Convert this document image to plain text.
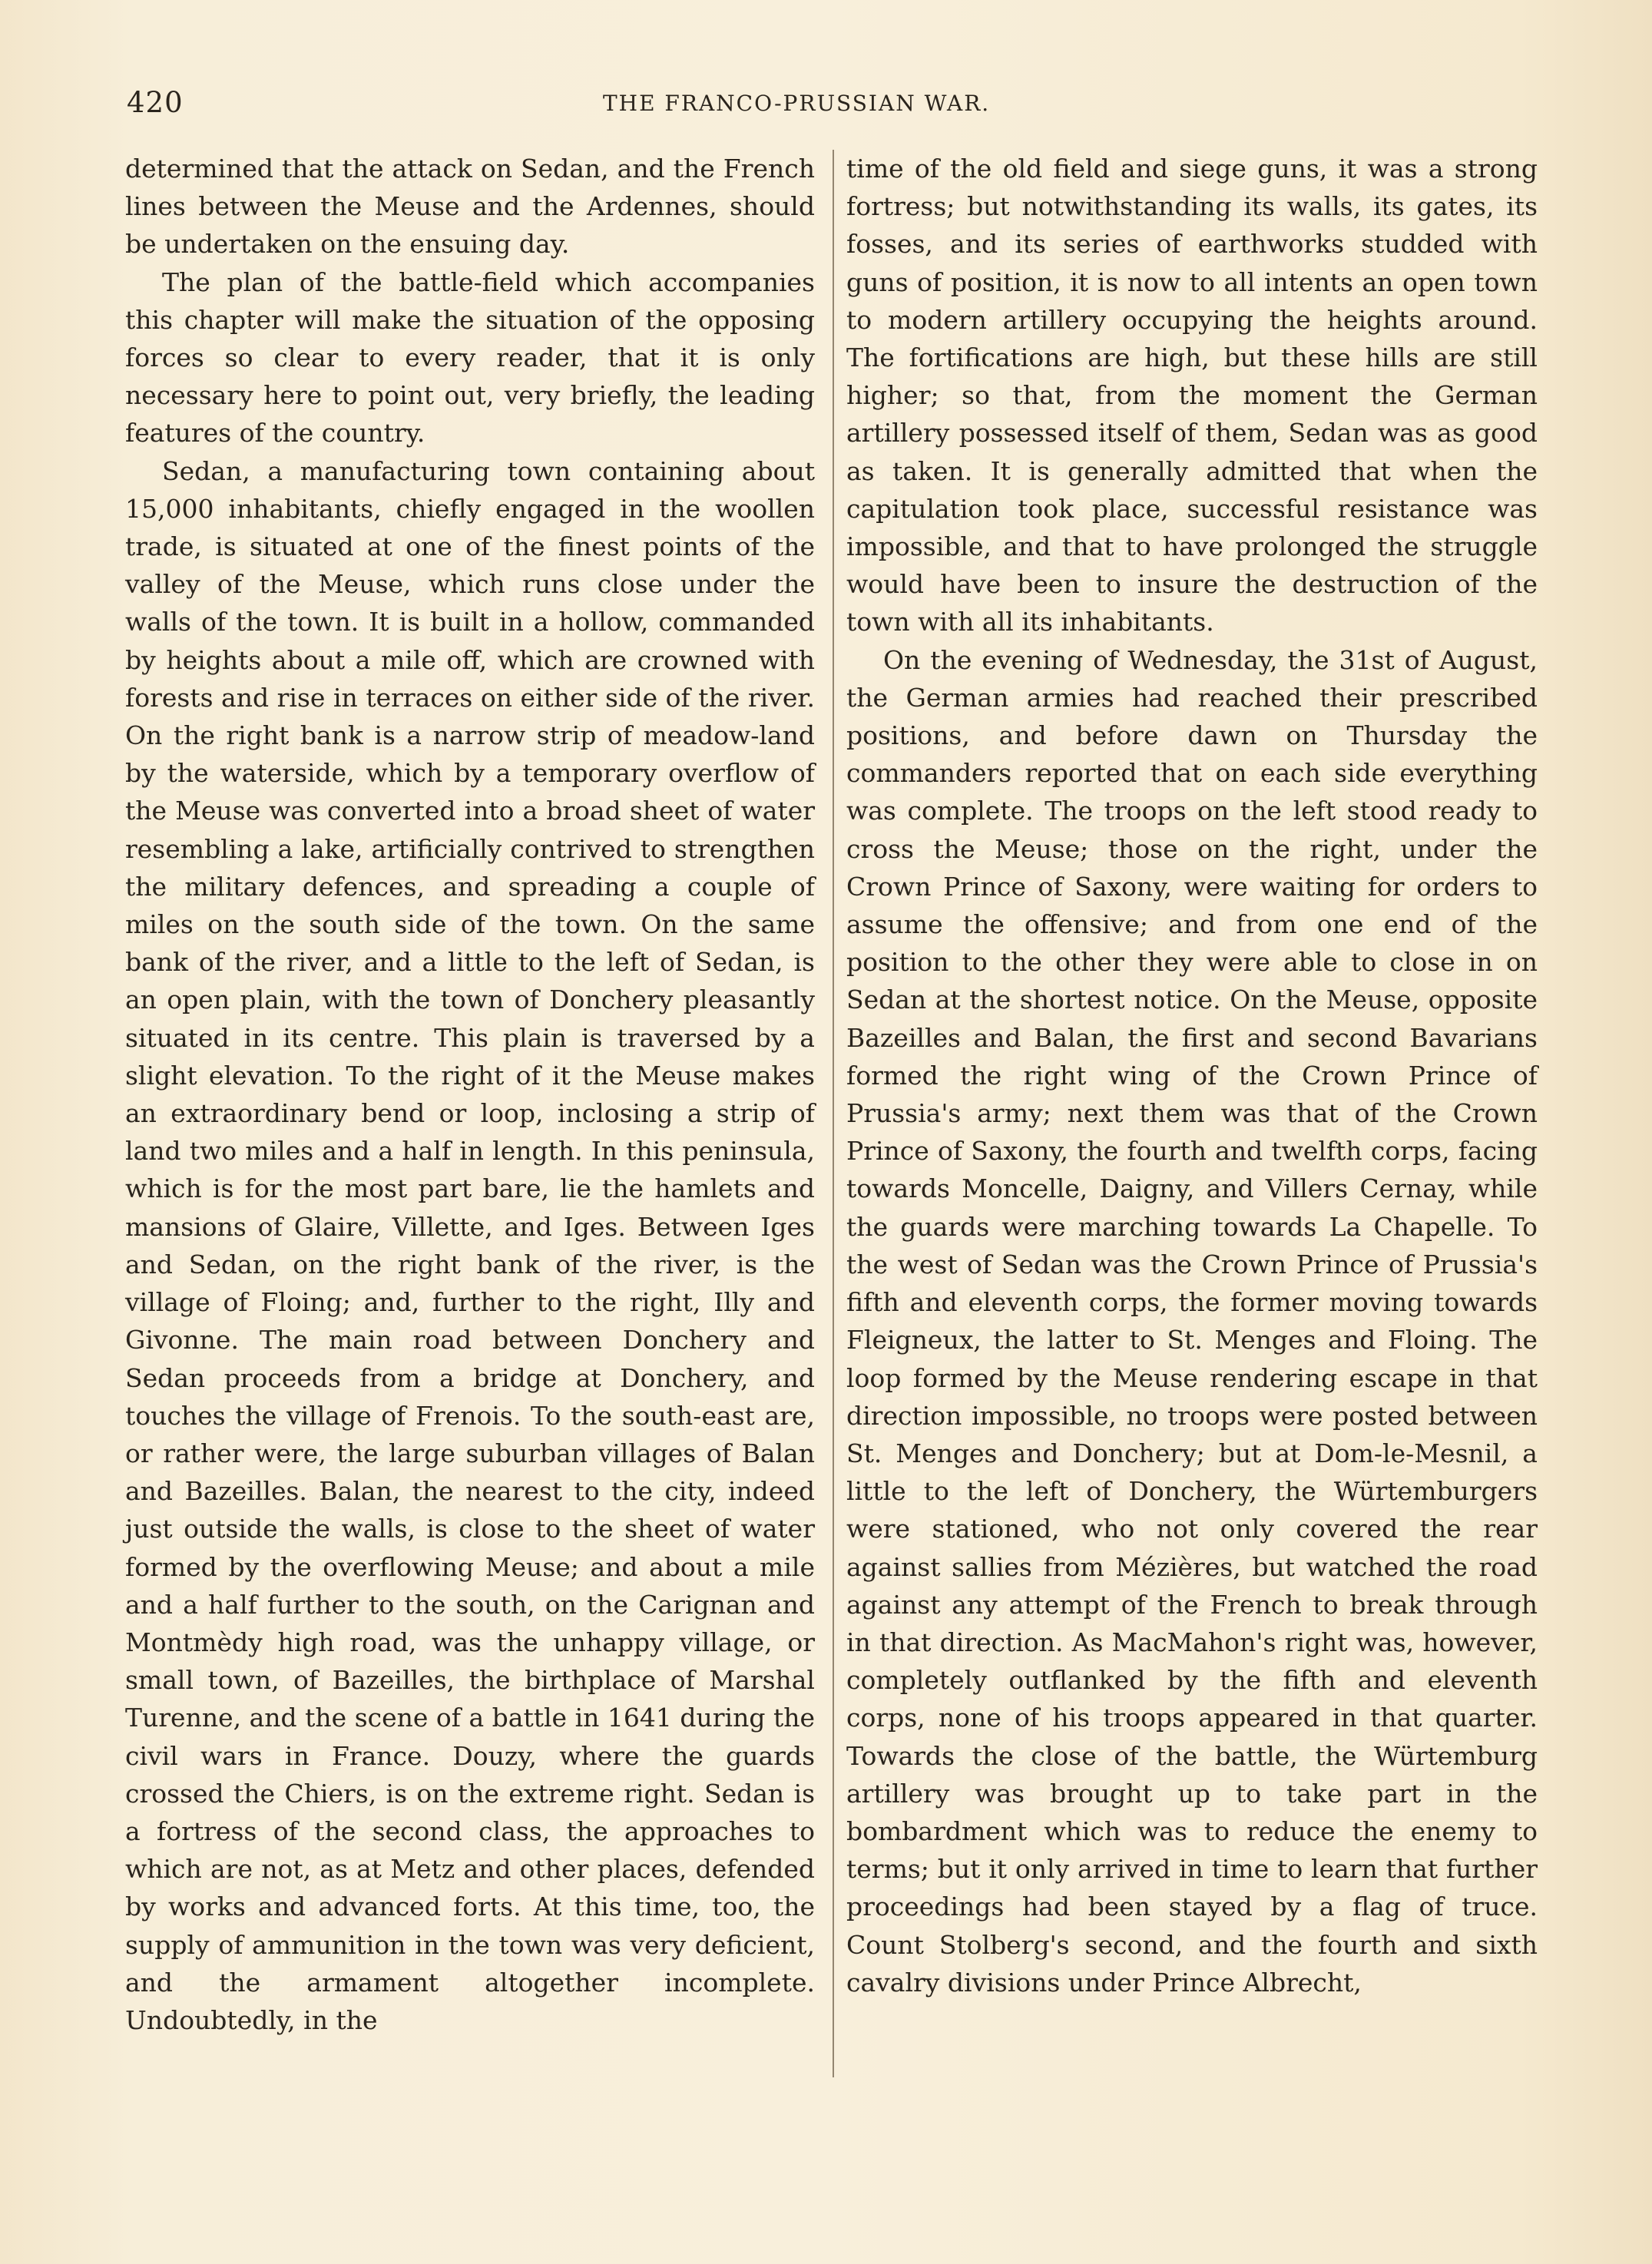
420	THE FRANCO-PRUSSIAN WAR.

determined that the attack on Sedan, and the French lines between the Meuse and the Ardennes, should be undertaken on the ensuing day.

The plan of the battle-field which accompanies this chapter will make the situation of the opposing forces so clear to every reader, that it is only necessary here to point out, very briefly, the leading features of the country.

Sedan, a manufacturing town containing about 15,000 inhabitants, chiefly engaged in the woollen trade, is situated at one of the finest points of the valley of the Meuse, which runs close under the walls of the town. It is built in a hollow, commanded by heights about a mile off, which are crowned with forests and rise in terraces on either side of the river. On the right bank is a narrow strip of meadow-land by the waterside, which by a temporary overflow of the Meuse was converted into a broad sheet of water resembling a lake, artificially contrived to strengthen the military defences, and spreading a couple of miles on the south side of the town. On the same bank of the river, and a little to the left of Sedan, is an open plain, with the town of Donchery pleasantly situated in its centre. This plain is traversed by a slight elevation. To the right of it the Meuse makes an extraordinary bend or loop, inclosing a strip of land two miles and a half in length. In this peninsula, which is for the most part bare, lie the hamlets and mansions of Glaire, Villette, and Iges. Between Iges and Sedan, on the right bank of the river, is the village of Floing; and, further to the right, Illy and Givonne. The main road between Donchery and Sedan proceeds from a bridge at Donchery, and touches the village of Frenois. To the south-east are, or rather were, the large suburban villages of Balan and Bazeilles. Balan, the nearest to the city, indeed just outside the walls, is close to the sheet of water formed by the overflowing Meuse; and about a mile and a half further to the south, on the Carignan and Montmèdy high road, was the unhappy village, or small town, of Bazeilles, the birthplace of Marshal Turenne, and the scene of a battle in 1641 during the civil wars in France. Douzy, where the guards crossed the Chiers, is on the extreme right. Sedan is a fortress of the second class, the approaches to which are not, as at Metz and other places, defended by works and advanced forts. At this time, too, the supply of ammunition in the town was very deficient, and the armament altogether incomplete. Undoubtedly, in the

time of the old field and siege guns, it was a strong fortress; but notwithstanding its walls, its gates, its fosses, and its series of earthworks studded with guns of position, it is now to all intents an open town to modern artillery occupying the heights around. The fortifications are high, but these hills are still higher; so that, from the moment the German artillery possessed itself of them, Sedan was as good as taken. It is generally admitted that when the capitulation took place, successful resistance was impossible, and that to have prolonged the struggle would have been to insure the destruction of the town with all its inhabitants.

On the evening of Wednesday, the 31st of August, the German armies had reached their prescribed positions, and before dawn on Thursday the commanders reported that on each side everything was complete. The troops on the left stood ready to cross the Meuse; those on the right, under the Crown Prince of Saxony, were waiting for orders to assume the offensive; and from one end of the position to the other they were able to close in on Sedan at the shortest notice. On the Meuse, opposite Bazeilles and Balan, the first and second Bavarians formed the right wing of the Crown Prince of Prussia's army; next them was that of the Crown Prince of Saxony, the fourth and twelfth corps, facing towards Moncelle, Daigny, and Villers Cernay, while the guards were marching towards La Chapelle. To the west of Sedan was the Crown Prince of Prussia's fifth and eleventh corps, the former moving towards Fleigneux, the latter to St. Menges and Floing. The loop formed by the Meuse rendering escape in that direction impossible, no troops were posted between St. Menges and Donchery; but at Dom-le-Mesnil, a little to the left of Donchery, the Würtemburgers were stationed, who not only covered the rear against sallies from Mézières, but watched the road against any attempt of the French to break through in that direction. As MacMahon's right was, however, completely outflanked by the fifth and eleventh corps, none of his troops appeared in that quarter. Towards the close of the battle, the Würtemburg artillery was brought up to take part in the bombardment which was to reduce the enemy to terms; but it only arrived in time to learn that further proceedings had been stayed by a flag of truce. Count Stolberg's second, and the fourth and sixth cavalry divisions under Prince Albrecht,
